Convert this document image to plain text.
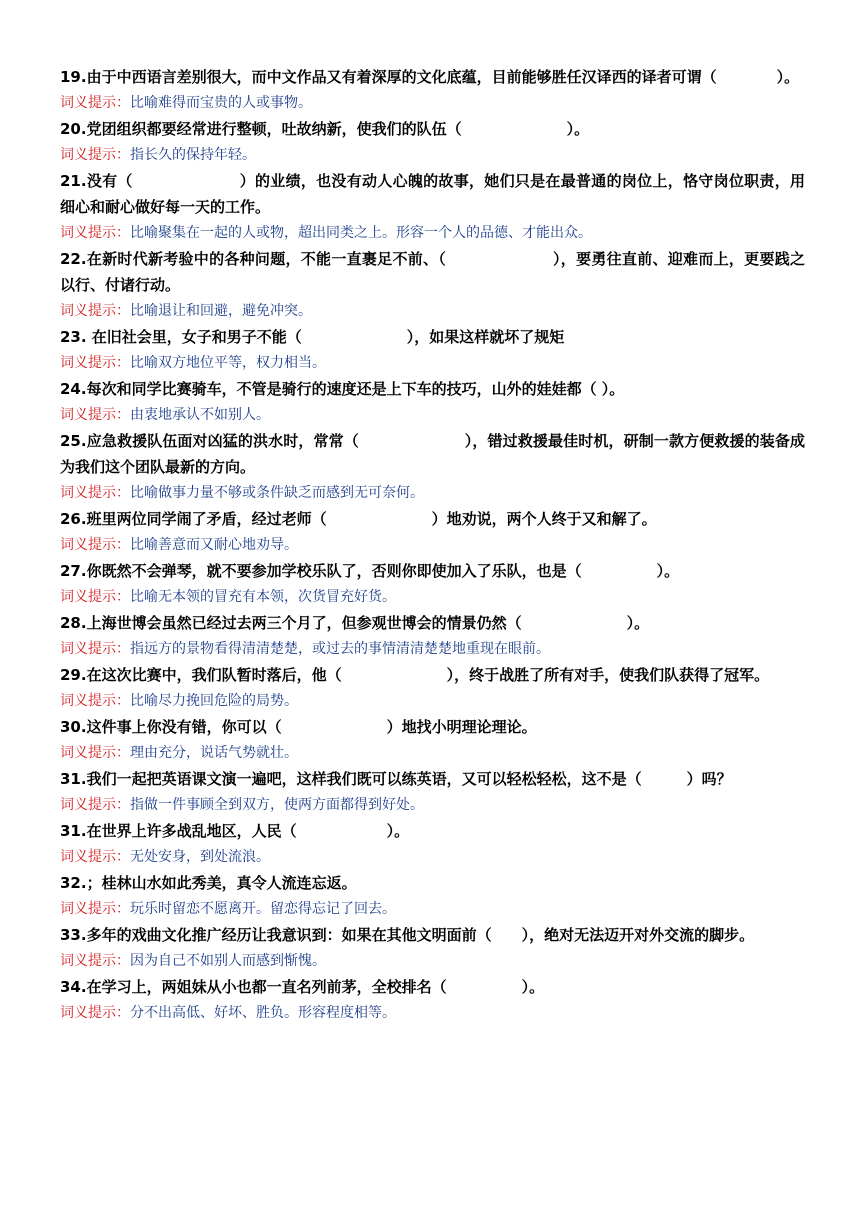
19.由于中西语言差别很大，而中文作品又有着深厚的文化底蕴，目前能够胜任汉译西的译者可谓（　　　　）。

词义提示：比喻难得而宝贵的人或事物。

20.党团组织都要经常进行整顿，吐故纳新，使我们的队伍（　　　　　　　）。

词义提示：指长久的保持年轻。

21.没有（　　　　　　　）的业绩，也没有动人心魄的故事，她们只是在最普通的岗位上，恪守岗位职责，用细心和耐心做好每一天的工作。

词义提示：比喻聚集在一起的人或物，超出同类之上。形容一个人的品德、才能出众。

22.在新时代新考验中的各种问题，不能一直裹足不前、（　　　　　　　），要勇往直前、迎难而上，更要践之以行、付诸行动。

词义提示：比喻退让和回避，避免冲突。

23. 在旧社会里，女子和男子不能（　　　　　　　），如果这样就坏了规矩

词义提示：比喻双方地位平等，权力相当。

24.每次和同学比赛骑车，不管是骑行的速度还是上下车的技巧，山外的娃娃都（ ）。

词义提示：由衷地承认不如别人。

25.应急救援队伍面对凶猛的洪水时，常常（　　　　　　　），错过救援最佳时机，研制一款方便救援的装备成为我们这个团队最新的方向。

词义提示：比喻做事力量不够或条件缺乏而感到无可奈何。

26.班里两位同学闹了矛盾，经过老师（　　　　　　　）地劝说，两个人终于又和解了。

词义提示：比喻善意而又耐心地劝导。

27.你既然不会弹琴，就不要参加学校乐队了，否则你即使加入了乐队，也是（　　　　　）。

词义提示：比喻无本领的冒充有本领，次货冒充好货。

28.上海世博会虽然已经过去两三个月了，但参观世博会的情景仍然（　　　　　　　）。

词义提示：指远方的景物看得清清楚楚，或过去的事情清清楚楚地重现在眼前。

29.在这次比赛中，我们队暂时落后，他（　　　　　　　），终于战胜了所有对手，使我们队获得了冠军。

词义提示：比喻尽力挽回危险的局势。

30.这件事上你没有错，你可以（　　　　　　　）地找小明理论理论。

词义提示：理由充分，说话气势就壮。

31.我们一起把英语课文演一遍吧，这样我们既可以练英语，又可以轻松轻松，这不是（　　　）吗？

词义提示：指做一件事顾全到双方，使两方面都得到好处。

31.在世界上许多战乱地区，人民（　　　　　　）。

词义提示：无处安身，到处流浪。

32.；桂林山水如此秀美，真令人流连忘返。

词义提示：玩乐时留恋不愿离开。留恋得忘记了回去。

33.多年的戏曲文化推广经历让我意识到：如果在其他文明面前（　　），绝对无法迈开对外交流的脚步。

词义提示：因为自己不如别人而感到惭愧。

34.在学习上，两姐妹从小也都一直名列前茅，全校排名（　　　　　）。

词义提示：分不出高低、好坏、胜负。形容程度相等。
